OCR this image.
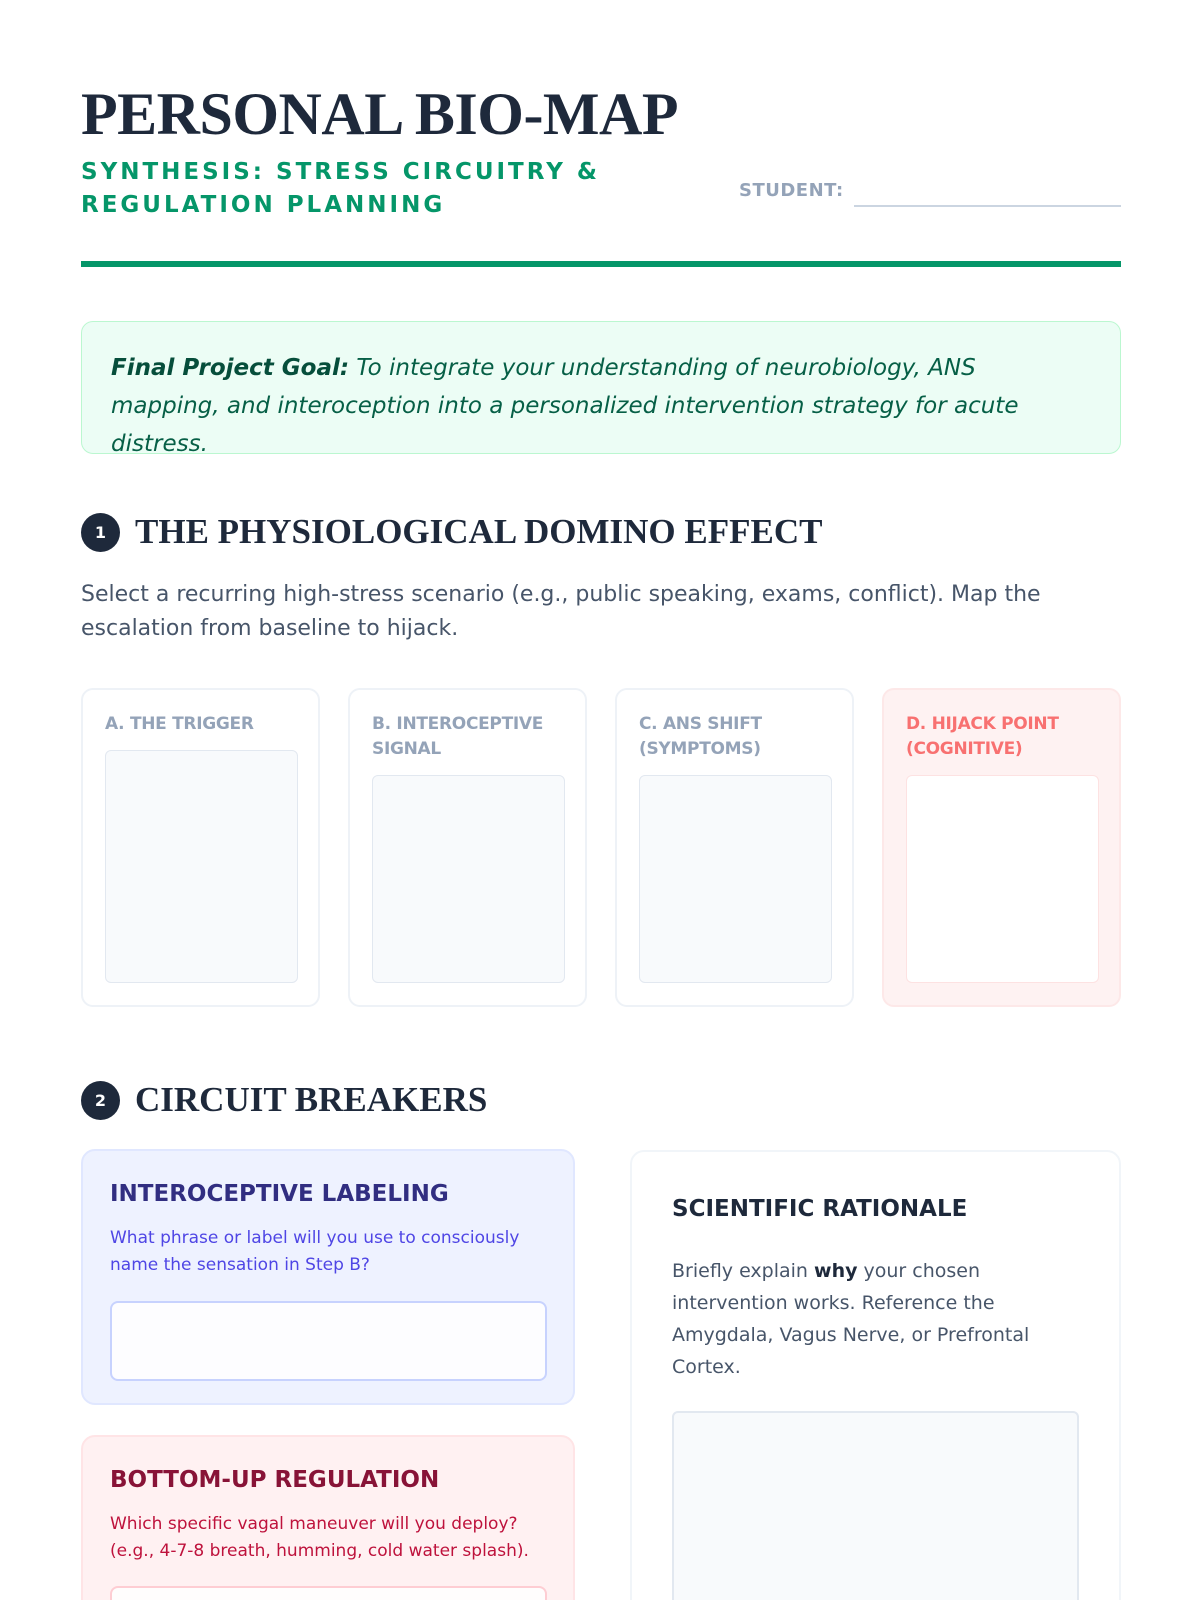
PERSONAL BIO-MAP
SYNTHESIS: STRESS CIRCUITRY & REGULATION PLANNING
STUDENT:
Final Project Goal: To integrate your understanding of neurobiology, ANS mapping, and interoception into a personalized intervention strategy for acute distress.
1 THE PHYSIOLOGICAL DOMINO EFFECT

Select a recurring high-stress scenario (e.g., public speaking, exams, conflict). Map the escalation from baseline to hijack.

A. THE TRIGGER	B. INTEROCEPTIVE SIGNAL
C. ANS SHIFT (SYMPTOMS)
D. HIJACK POINT (COGNITIVE)
2 CIRCUIT BREAKERS
INTEROCEPTIVE LABELING
What phrase or label will you use to consciously name the sensation in Step B?
BOTTOM-UP REGULATION
Which specific vagal maneuver will you deploy? (e.g., 4-7-8 breath, humming, cold water splash).
SCIENTIFIC RATIONALE
Briefly explain why your chosen intervention works. Reference the Amygdala, Vagus Nerve, or Prefrontal Cortex.
